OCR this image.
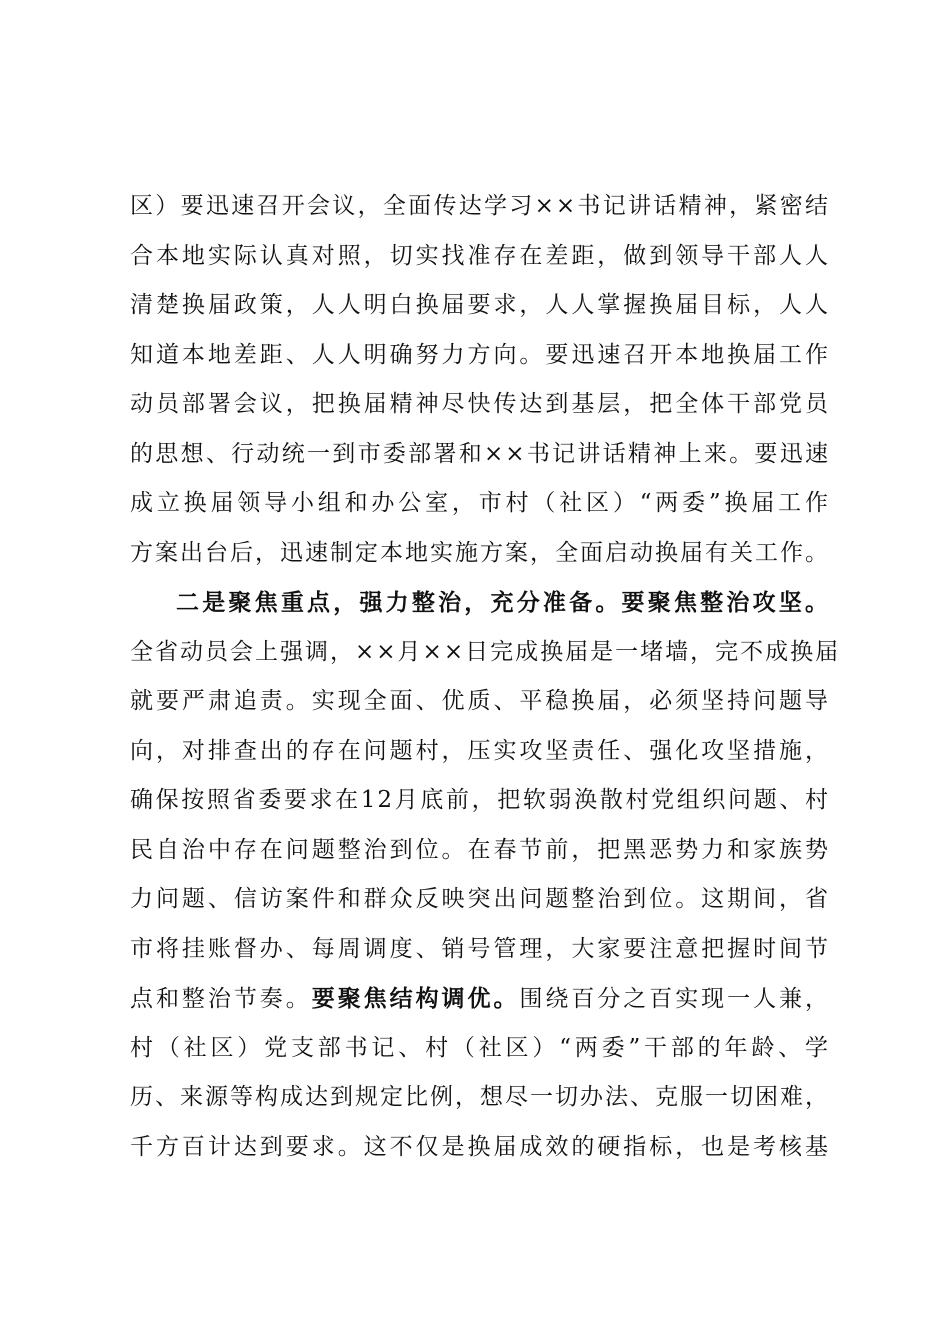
区）要迅速召开会议，全面传达学习××书记讲话精神，紧密结
合本地实际认真对照，切实找准存在差距，做到领导干部人人
清楚换届政策，人人明白换届要求，人人掌握换届目标，人人
知道本地差距、人人明确努力方向。要迅速召开本地换届工作
动员部署会议，把换届精神尽快传达到基层，把全体干部党员
的思想、行动统一到市委部署和××书记讲话精神上来。要迅速
成立换届领导小组和办公室，市村（社区）“两委”换届工作
方案出台后，迅速制定本地实施方案，全面启动换届有关工作。
二是聚焦重点，强力整治，充分准备。要聚焦整治攻坚。
全省动员会上强调，××月××日完成换届是一堵墙，完不成换届
就要严肃追责。实现全面、优质、平稳换届，必须坚持问题导
向，对排查出的存在问题村，压实攻坚责任、强化攻坚措施，
确保按照省委要求在12月底前，把软弱涣散村党组织问题、村
民自治中存在问题整治到位。在春节前，把黑恶势力和家族势
力问题、信访案件和群众反映突出问题整治到位。这期间，省
市将挂账督办、每周调度、销号管理，大家要注意把握时间节
点和整治节奏。要聚焦结构调优。围绕百分之百实现一人兼，
村（社区）党支部书记、村（社区）“两委”干部的年龄、学
历、来源等构成达到规定比例，想尽一切办法、克服一切困难，
千方百计达到要求。这不仅是换届成效的硬指标，也是考核基
